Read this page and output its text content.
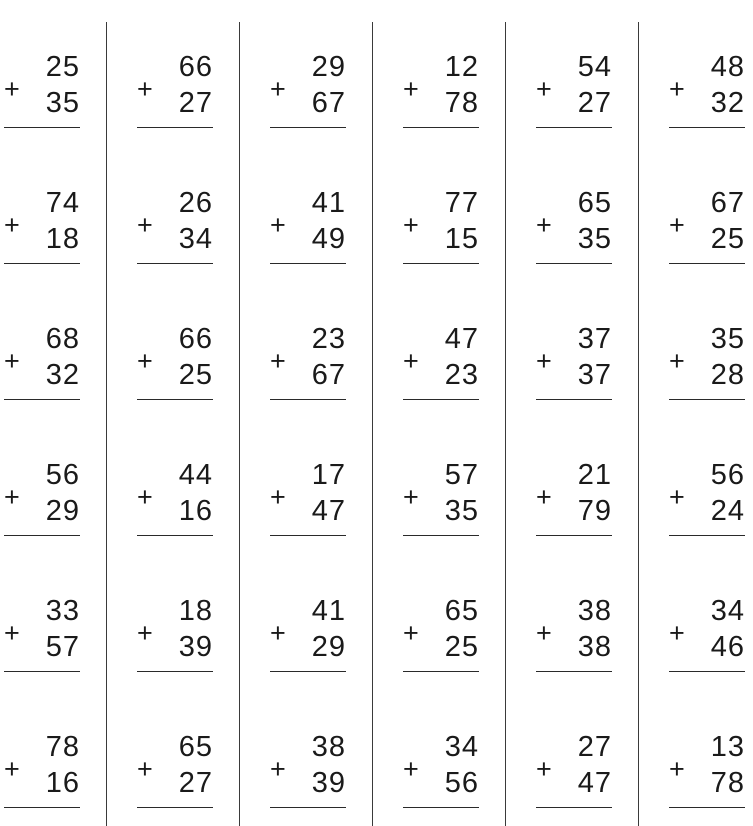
+
25
35 +
66
27 +
29
67 +
12
78 +
54
27 +
48
32
+
74
18 +
26
34 +
41
49 +
77
15 +
65
35 +
67
25
+
68
32 +
66
25 +
23
67 +
47
23 +
37
37 +
35
28
+
56
29 +
44
16 +
17
47 +
57
35 +
21
79 +
56
24
+
33
57 +
18
39 +
41
29 +
65
25 +
38
38 +
34
46
+
78
16 +
65
27 +
38
39 +
34
56 +
27
47 +
13
78
